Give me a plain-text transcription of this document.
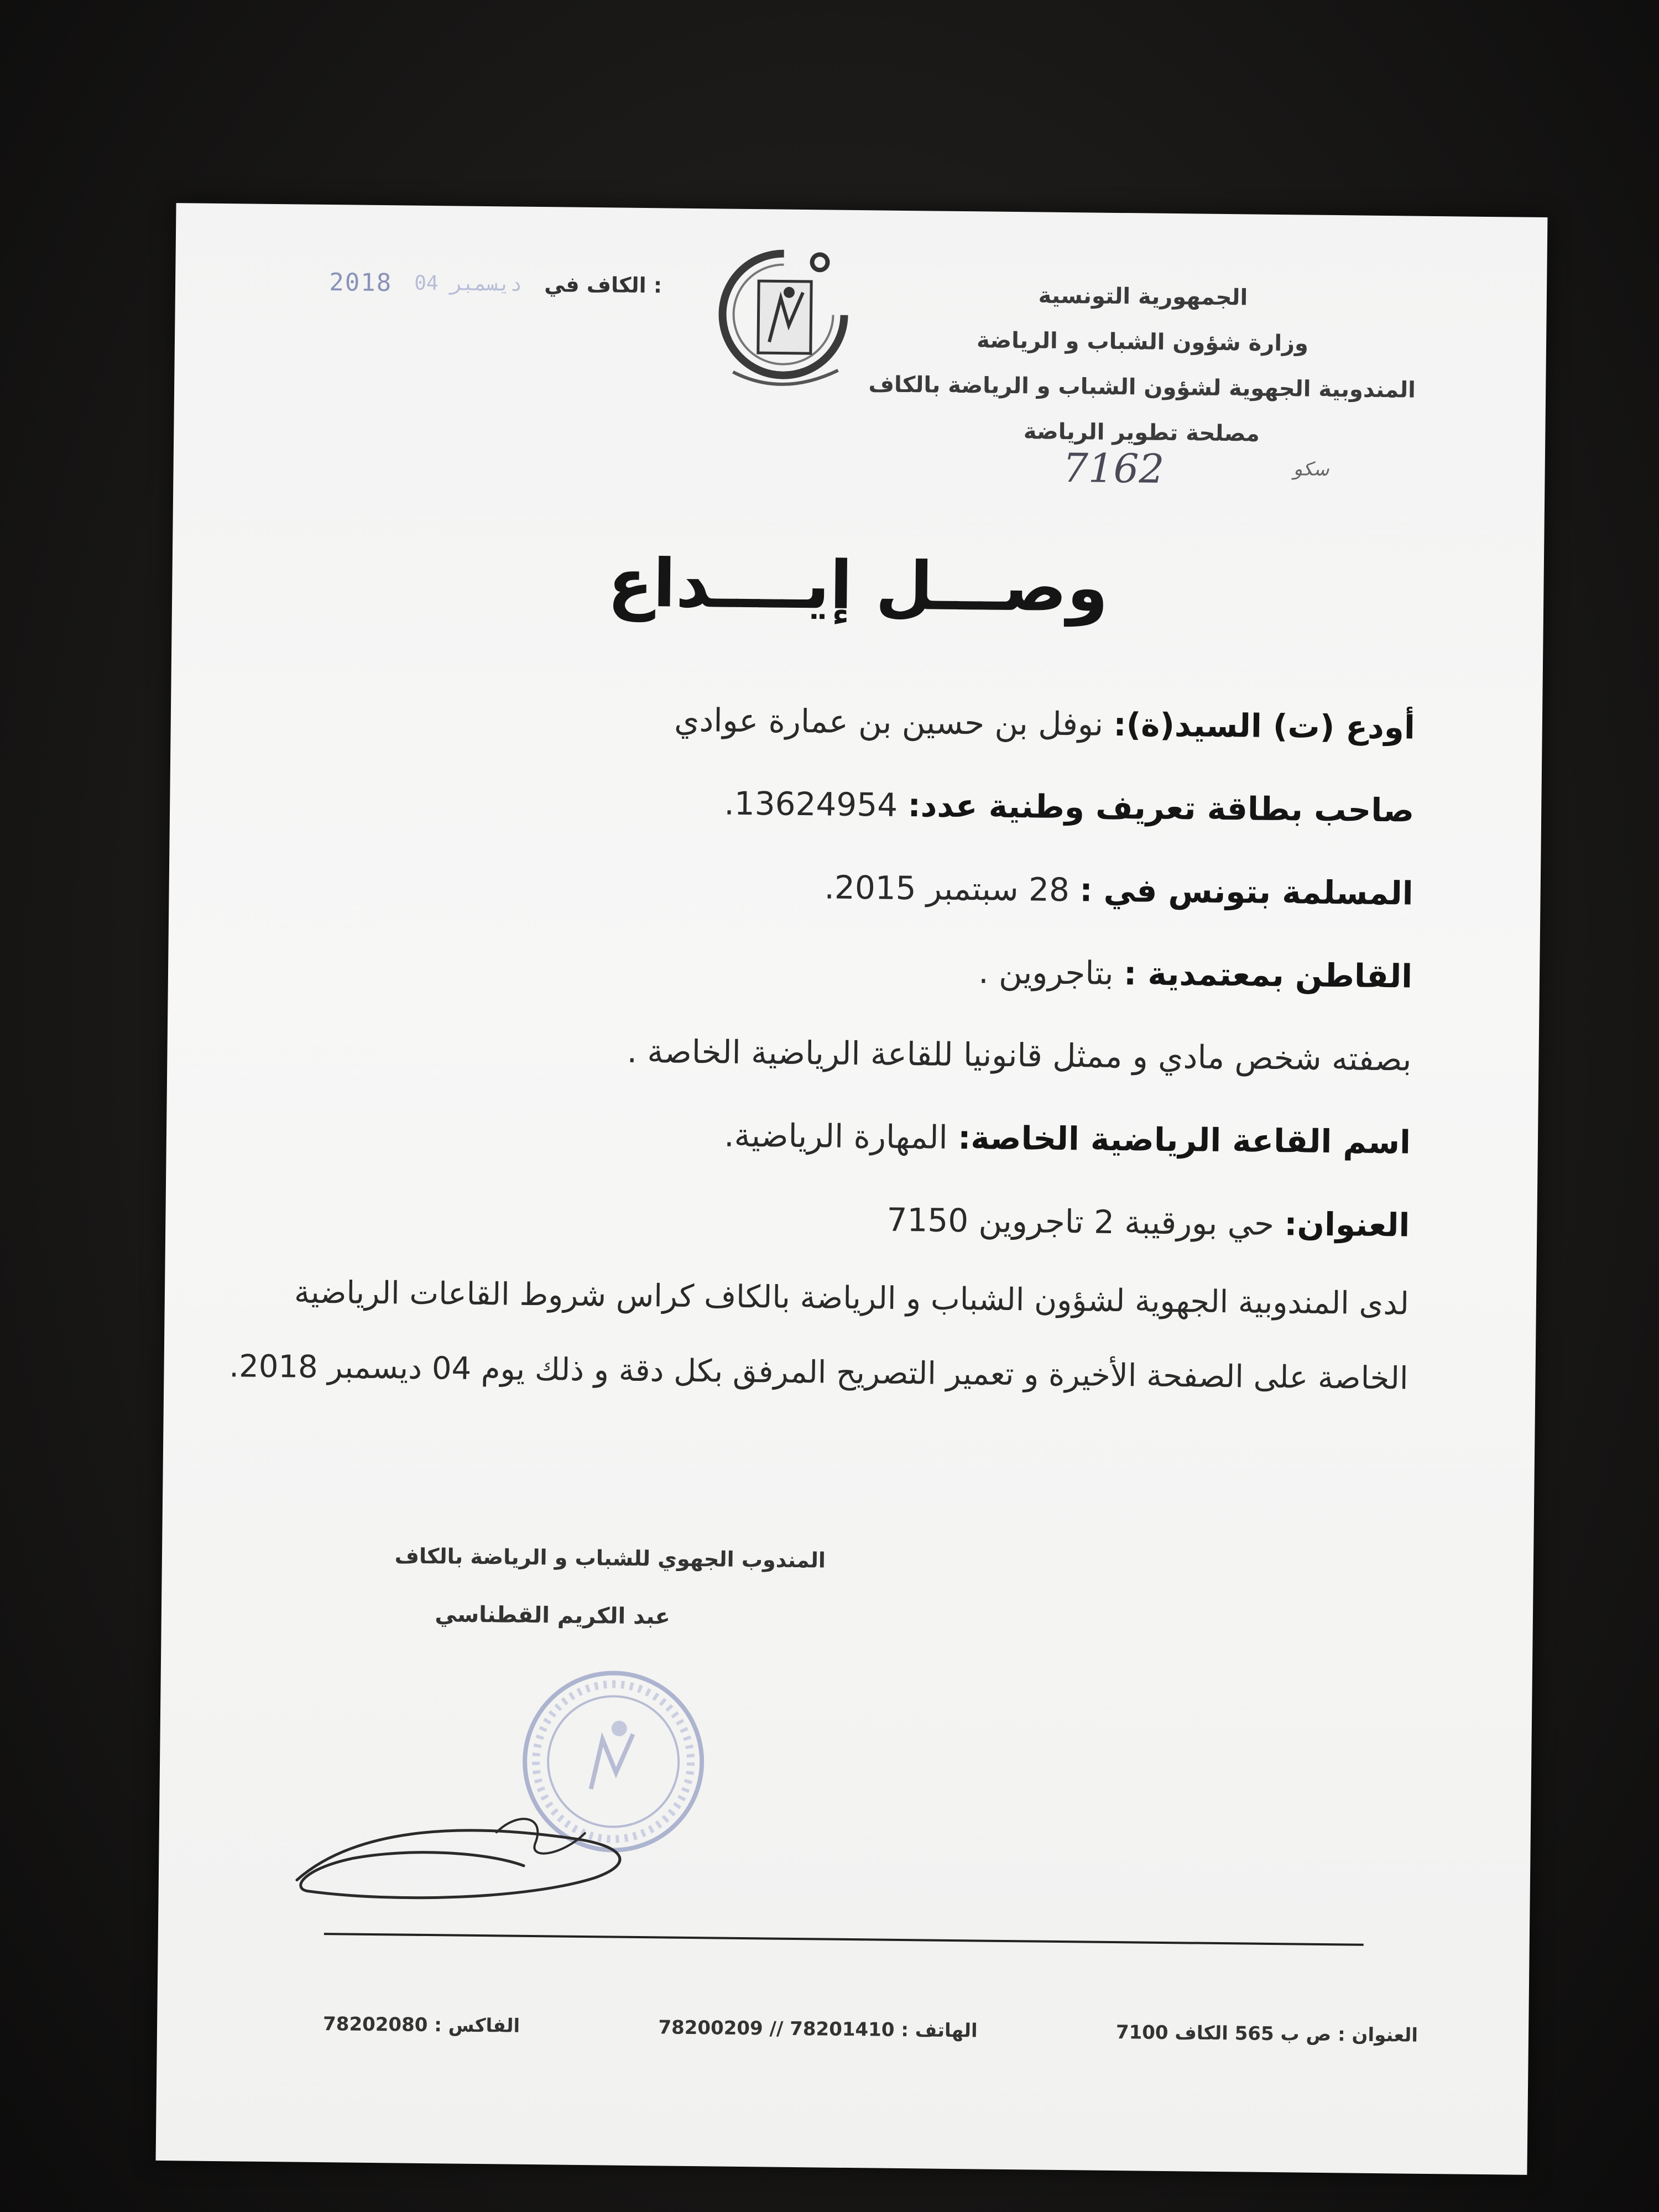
الكاف في :
ديسمبر 04
2018	الجمهورية التونسية
وزارة شؤون الشباب و الرياضة
المندوبية الجهوية لشؤون الشباب و الرياضة بالكاف
مصلحة تطوير الرياضة
7162	سكو
وصـــل إيــــداع
أودع (ت) السيد(ة): نوفل بن حسين بن عمارة عوادي
صاحب بطاقة تعريف وطنية عدد: 13624954.
المسلمة بتونس في : 28 سبتمبر 2015.
القاطن بمعتمدية : بتاجروين .
بصفته شخص مادي و ممثل قانونيا للقاعة الرياضية الخاصة .
اسم القاعة الرياضية الخاصة: المهارة الرياضية.
العنوان: حي بورقيبة 2 تاجروين 7150
لدى المندوبية الجهوية لشؤون الشباب و الرياضة بالكاف كراس شروط القاعات الرياضية الخاصة على الصفحة الأخيرة و تعمير التصريح المرفق بكل دقة و ذلك يوم 04 ديسمبر 2018.
المندوب الجهوي للشباب و الرياضة بالكاف
عبد الكريم القطناسي
العنوان : ص ب 565 الكاف 7100
الهاتف : 78201410 // 78200209
الفاكس : 78202080
